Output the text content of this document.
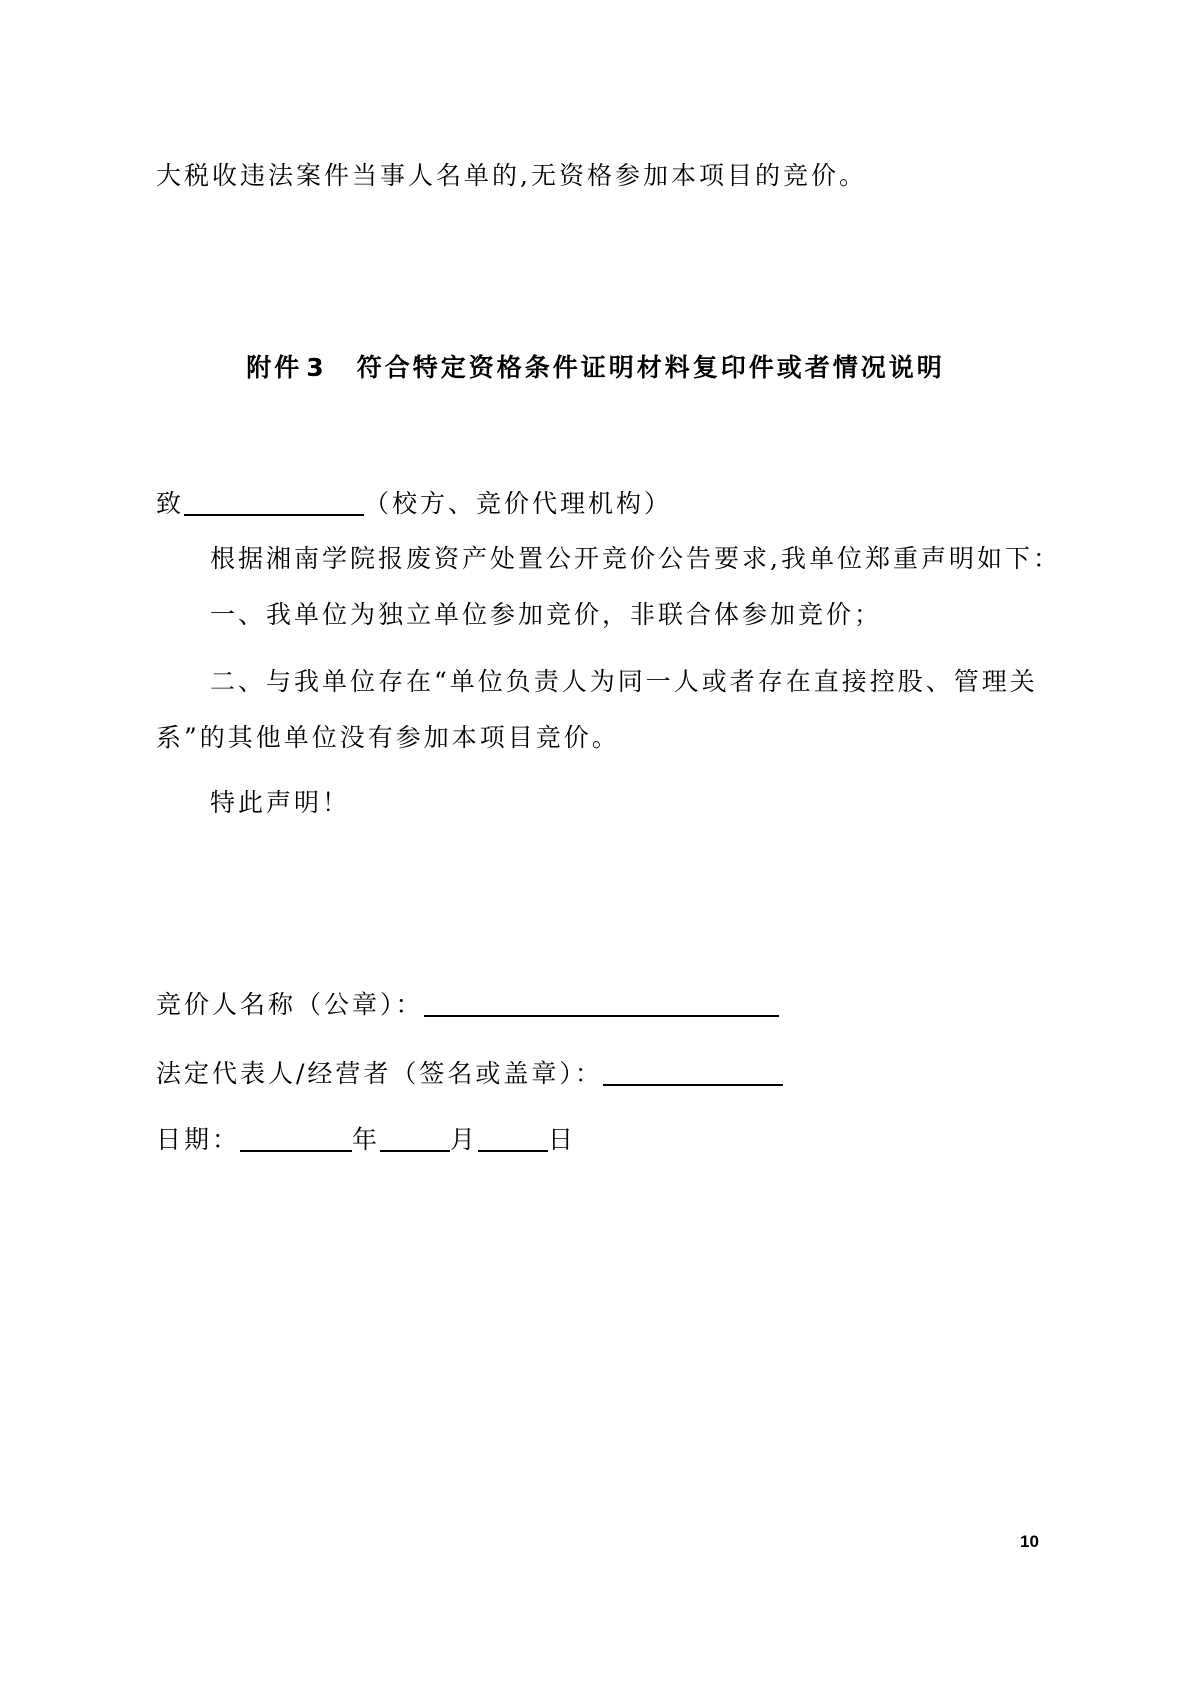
大税收违法案件当事人名单的,无资格参加本项目的竞价。
附件 3 符合特定资格条件证明材料复印件或者情况说明
致	（校方、竞价代理机构）
根据湘南学院报废资产处置公开竞价公告要求,我单位郑重声明如下：
一、我单位为独立单位参加竞价，非联合体参加竞价；
二、与我单位存在“单位负责人为同一人或者存在直接控股、管理关
系”的其他单位没有参加本项目竞价。
特此声明！
竞价人名称（公章）：
法定代表人/经营者（签名或盖章）：
日期：	年	月	日
10
